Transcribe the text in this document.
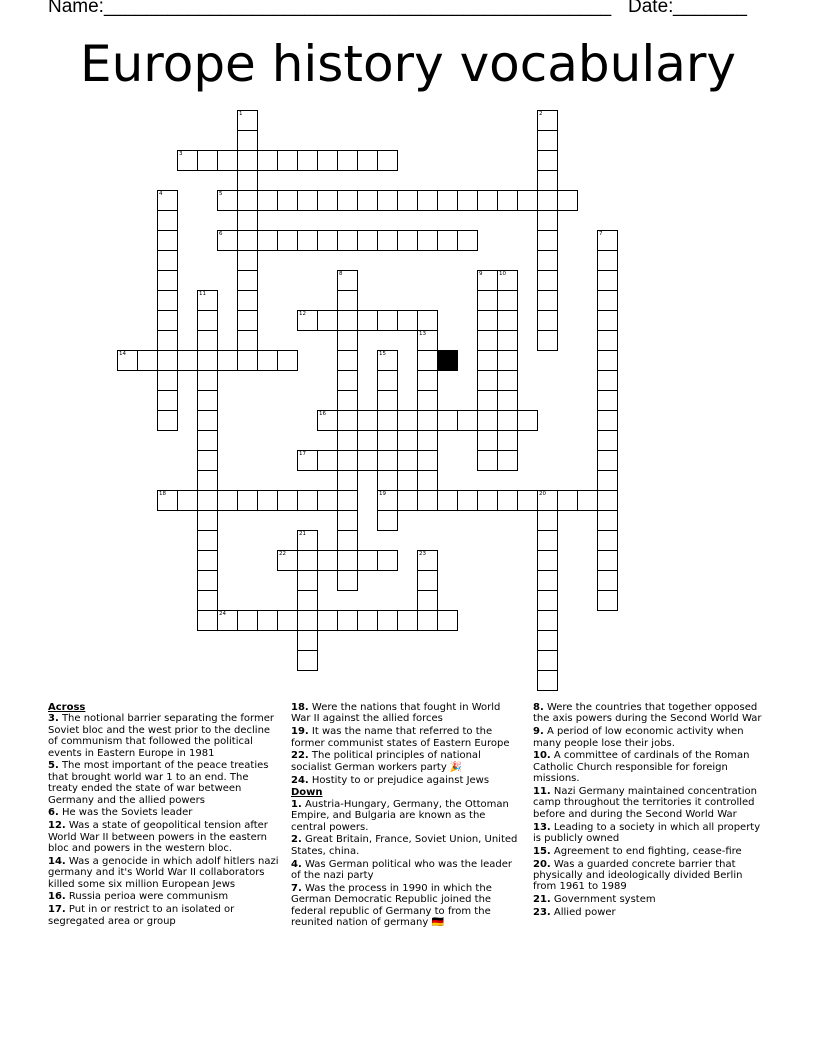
Name: ________________________________________________ Date: _______
Europe history vocabulary
1	2
3
4	5
6	7
8	9	10
11
12
13
14	15
19
16
17
18	20
21
22	23
24
Across
3. The notional barrier separating the former Soviet bloc and the west prior to the decline of communism that followed the political events in Eastern Europe in 1981
5. The most important of the peace treaties that brought world war 1 to an end. The treaty ended the state of war between Germany and the allied powers
6. He was the Soviets leader
12. Was a state of geopolitical tension after World War II between powers in the eastern bloc and powers in the western bloc.
14. Was a genocide in which adolf hitlers nazi germany and it's World War II collaborators killed some six million European Jews
16. Russia perioa were communism
17. Put in or restrict to an isolated or segregated area or group
18. Were the nations that fought in World War II against the allied forces
19. It was the name that referred to the former communist states of Eastern Europe
22. The political principles of national socialist German workers party 🎉
24. Hostity to or prejudice against Jews
Down
1. Austria-Hungary, Germany, the Ottoman Empire, and Bulgaria are known as the central powers.
2. Great Britain, France, Soviet Union, United States, china.
4. Was German political who was the leader of the nazi party
7. Was the process in 1990 in which the German Democratic Republic joined the federal republic of Germany to from the reunited nation of germany 🇩🇪
8. Were the countries that together opposed the axis powers during the Second World War
9. A period of low economic activity when many people lose their jobs.
10. A committee of cardinals of the Roman Catholic Church responsible for foreign missions.
11. Nazi Germany maintained concentration camp throughout the territories it controlled before and during the Second World War
13. Leading to a society in which all property is publicly owned
15. Agreement to end fighting, cease-fire
20. Was a guarded concrete barrier that physically and ideologically divided Berlin from 1961 to 1989
21. Government system
23. Allied power
